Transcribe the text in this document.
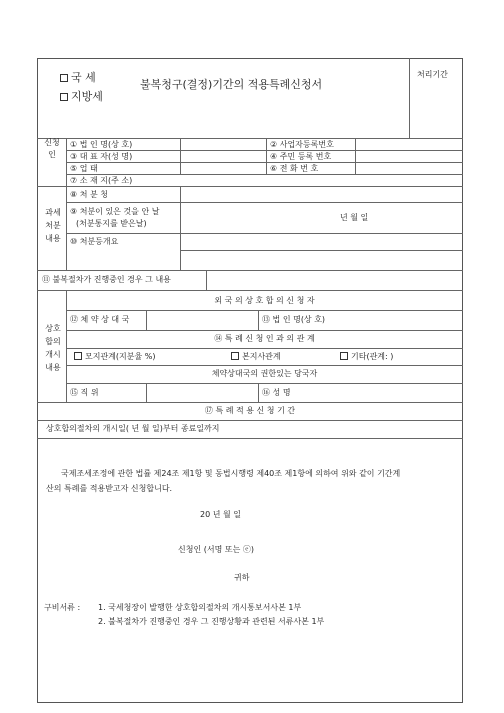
국 세
지방세
불복청구(결정)기간의 적용특례신청서
처리기간
신청인
① 법 인 명(상 호)	② 사업자등록번호
③ 대 표 자(성 명)	④ 주민 등록 번호
⑤ 업 태	⑥ 전 화 번 호
⑦ 소 재 지(주 소)
과세처분내용
⑧ 처 분 청
⑨ 처분이 있은 것을 안 날
(처분통지를 받은날)
년 월 일
⑩ 처분등개요
⑪ 불복절차가 진행중인 경우 그 내용
상호합의개시내용
외 국 의 상 호 합 의 신 청 자
⑫ 체 약 상 대 국	⑬ 법 인 명(상 호)
⑭ 특 례 신 청 인 과 의 관 계
모지관계(지분율 %)	본지사관계	기타(관계: )
체약상대국의 권한있는 당국자
⑮ 직 위	⑯ 성 명
⑰ 특 례 적 용 신 청 기 간
상호합의절차의 개시일( 년 월 일)부터 종료일까지
국제조세조정에 관한 법률 제24조 제1항 및 동법시행령 제40조 제1항에 의하여 위와 같이 기간계
산의 특례를 적용받고자 신청합니다.
20 년 월 일
신청인 (서명 또는 ⓔ)
귀하
구비서류 : 1. 국세청장이 발행한 상호합의절차의 개시통보서사본 1부
2. 불복절차가 진행중인 경우 그 진행상황과 관련된 서류사본 1부
